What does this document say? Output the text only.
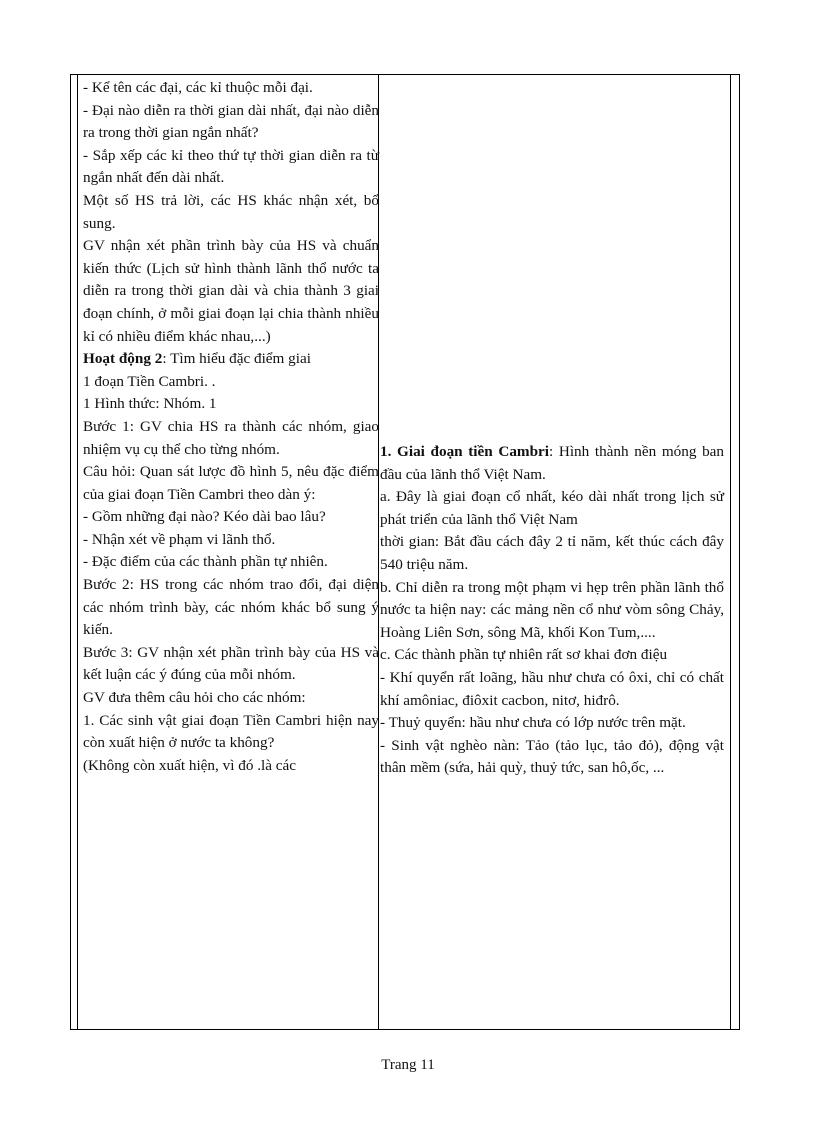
- Kể tên các đại, các kỉ thuộc mỗi đại.
- Đại nào diễn ra thời gian dài nhất, đại nào diễn ra trong thời gian ngắn nhất?
- Sắp xếp các kỉ theo thứ tự thời gian diễn ra từ ngắn nhất đến dài nhất.
Một số HS trả lời, các HS khác nhận xét, bổ sung.
GV nhận xét phần trình bày của HS và chuẩn kiến thức (Lịch sử hình thành lãnh thổ nước ta diễn ra trong thời gian dài và chia thành 3 giai đoạn chính, ở mỗi giai đoạn lại chia thành nhiều kỉ có nhiều điểm khác nhau,...)
Hoạt động 2: Tìm hiểu đặc điểm giai
1 đoạn Tiền Cambri. .
1 Hình thức: Nhóm. 1
Bước 1: GV chia HS ra thành các nhóm, giao nhiệm vụ cụ thể cho từng nhóm.
Câu hỏi: Quan sát lược đồ hình 5, nêu đặc điểm của giai đoạn Tiền Cambri theo dàn ý:
- Gồm những đại nào? Kéo dài bao lâu?
- Nhận xét về phạm vi lãnh thổ.
- Đặc điểm của các thành phần tự nhiên.
Bước 2: HS trong các nhóm trao đổi, đại diện các nhóm trình bày, các nhóm khác bổ sung ý kiến.
Bước 3: GV nhận xét phần trình bày của HS và kết luận các ý đúng của mỗi nhóm.
GV đưa thêm câu hỏi cho các nhóm:
1. Các sinh vật giai đoạn Tiền Cambri hiện nay còn xuất hiện ở nước ta không?
(Không còn xuất hiện, vì đó .là các
1. Giai đoạn tiền Cambri: Hình thành nền móng ban đầu của lãnh thổ Việt Nam.
a. Đây là giai đoạn cổ nhất, kéo dài nhất trong lịch sử phát triển của lãnh thổ Việt Nam
thời gian: Bắt đầu cách đây 2 tỉ năm, kết thúc cách đây 540 triệu năm.
b. Chỉ diễn ra trong một phạm vi hẹp trên phần lãnh thổ nước ta hiện nay: các mảng nền cổ như vòm sông Chảy, Hoàng Liên Sơn, sông Mã, khối Kon Tum,....
c. Các thành phần tự nhiên rất sơ khai đơn điệu
- Khí quyển rất loãng, hầu như chưa có ôxi, chỉ có chất khí amôniac, điôxit cacbon, nitơ, hiđrô.
- Thuỷ quyển: hầu như chưa có lớp nước trên mặt.
- Sinh vật nghèo nàn: Tảo (tảo lục, tảo đỏ), động vật thân mềm (sứa, hải quỳ, thuỷ tức, san hô,ốc, ...
Trang 11
